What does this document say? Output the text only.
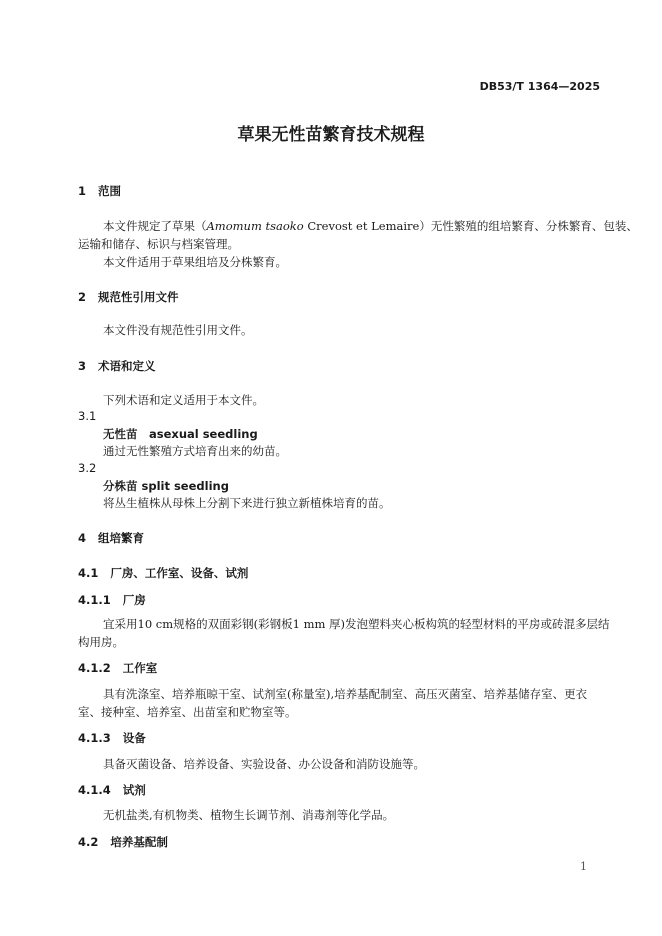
DB53/T 1364—2025
草果无性苗繁育技术规程
1 范围
本文件规定了草果（Amomum tsaoko Crevost et Lemaire）无性繁殖的组培繁育、分株繁育、包装、
运输和储存、标识与档案管理。
本文件适用于草果组培及分株繁育。
2 规范性引用文件
本文件没有规范性引用文件。
3 术语和定义
下列术语和定义适用于本文件。
3.1
无性苗　asexual seedling
通过无性繁殖方式培育出来的幼苗。
3.2
分株苗 split seedling
将丛生植株从母株上分割下来进行独立新植株培育的苗。
4 组培繁育
4.1 厂房、工作室、设备、试剂
4.1.1 厂房
宜采用10 cm规格的双面彩钢(彩钢板1 mm 厚)发泡塑料夹心板构筑的轻型材料的平房或砖混多层结
构用房。
4.1.2 工作室
具有洗涤室、培养瓶晾干室、试剂室(称量室),培养基配制室、高压灭菌室、培养基储存室、更衣
室、接种室、培养室、出苗室和贮物室等。
4.1.3 设备
具备灭菌设备、培养设备、实验设备、办公设备和消防设施等。
4.1.4 试剂
无机盐类,有机物类、植物生长调节剂、消毒剂等化学品。
4.2 培养基配制
1
